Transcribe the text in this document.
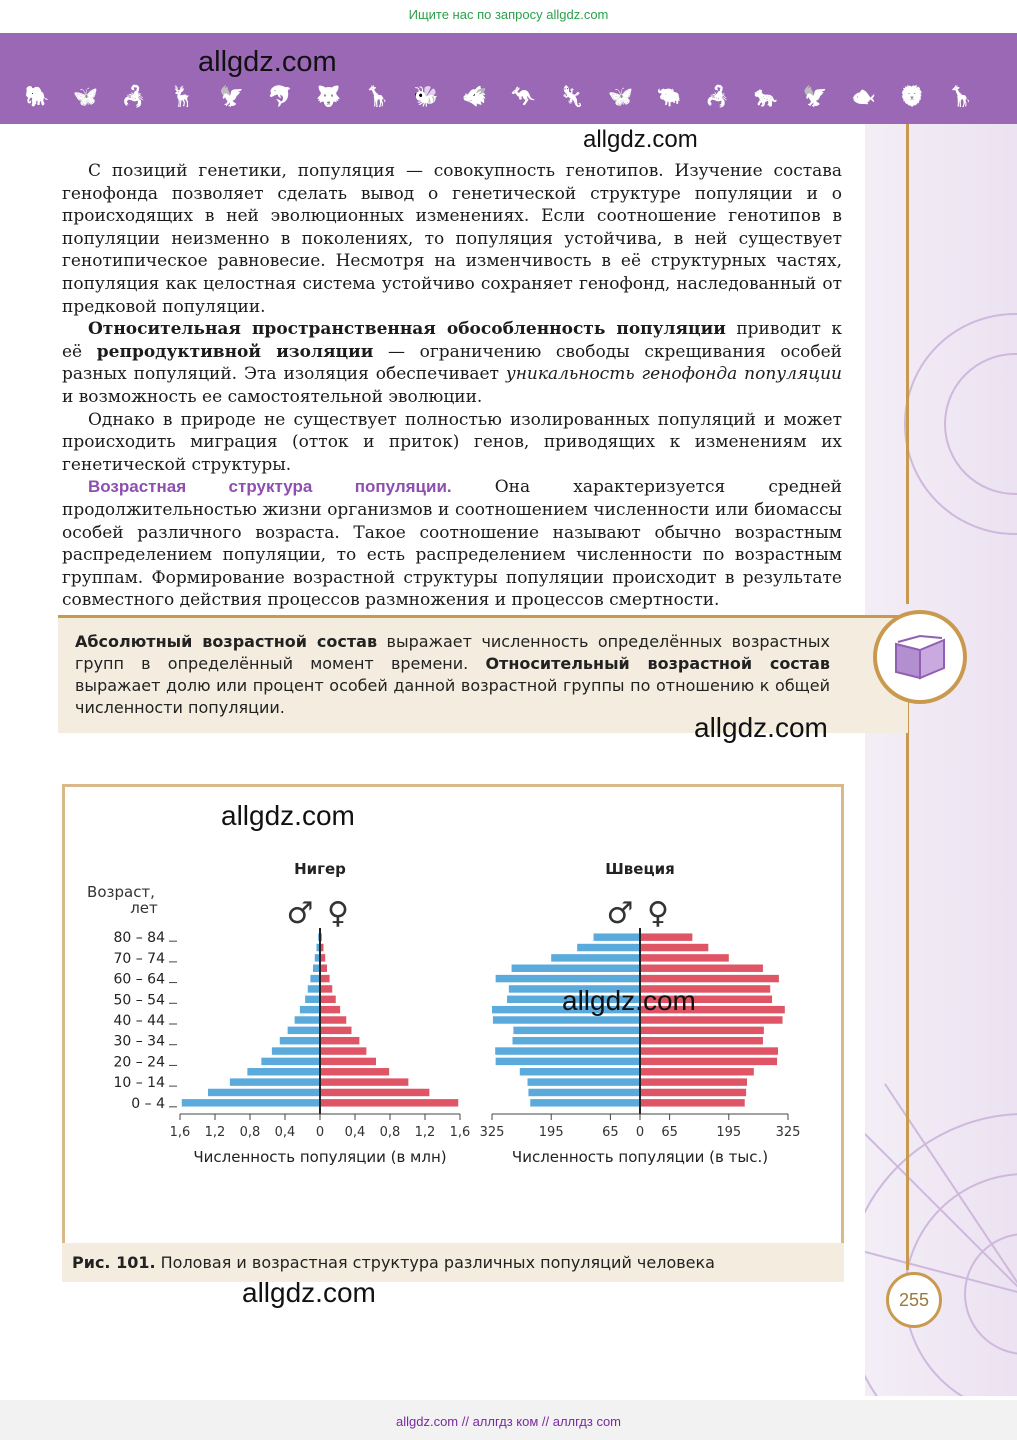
Ищите нас по запросу allgdz.com
allgdz.com
🐘 🦋 🦂 🦌 🦅 🐬 🐺 🦒 🐝 🐗 🦘 🦎 🦋 🐃 🦂 🐆 🦅 🐟 🦁 🦒
allgdz.com

С позиций генетики, популяция — совокупность генотипов. Изучение состава генофонда позволяет сделать вывод о генетической структуре популяции и о происходящих в ней эволюционных изменениях. Если соотношение генотипов в популяции неизменно в поколениях, то популяция устойчива, в ней существует генотипическое равновесие. Несмотря на изменчивость в её структурных частях, популяция как целостная система устойчиво сохраняет генофонд, наследованный от предковой популяции.

Относительная пространственная обособленность популяции приводит к её репродуктивной изоляции — ограничению свободы скрещивания особей разных популяций. Эта изоляция обеспечивает уникальность генофонда популяции и возможность ее самостоятельной эволюции.

Однако в природе не существует полностью изолированных популяций и может происходить миграция (отток и приток) генов, приводящих к изменениям их генетической структуры.

Возрастная структура популяции. Она характеризуется средней продолжительностью жизни организмов и соотношением численности или биомассы особей различного возраста. Такое соотношение называют обычно возрастным распределением популяции, то есть распределением численности по возрастным группам. Формирование возрастной структуры популяции происходит в результате совместного действия процессов размножения и процессов смертности.

Абсолютный возрастной состав выражает численность определённых возрастных групп в определённый момент времени. Относительный возрастной состав выражает долю или процент особей данной возрастной группы по отношению к общей численности популяции.
allgdz.com
Нигер
♂ ♀
1,6 1,2 0,8 0,4 0 0,4 0,8 1,2 1,6
Численность популяции (в млн)
Швеция
♂ ♀
325	195	65 0 65	195	325
Численность популяции (в тыс.)
Возраст,
лет
80 – 84
70 – 74
60 – 64
50 – 54
40 – 44
30 – 34
20 – 24
10 – 14
0 – 4
allgdz.com
allgdz.com
Рис. 101. Половая и возрастная структура различных популяций человека
allgdz.com	255
allgdz.com // аллгдз ком // аллгдз com
